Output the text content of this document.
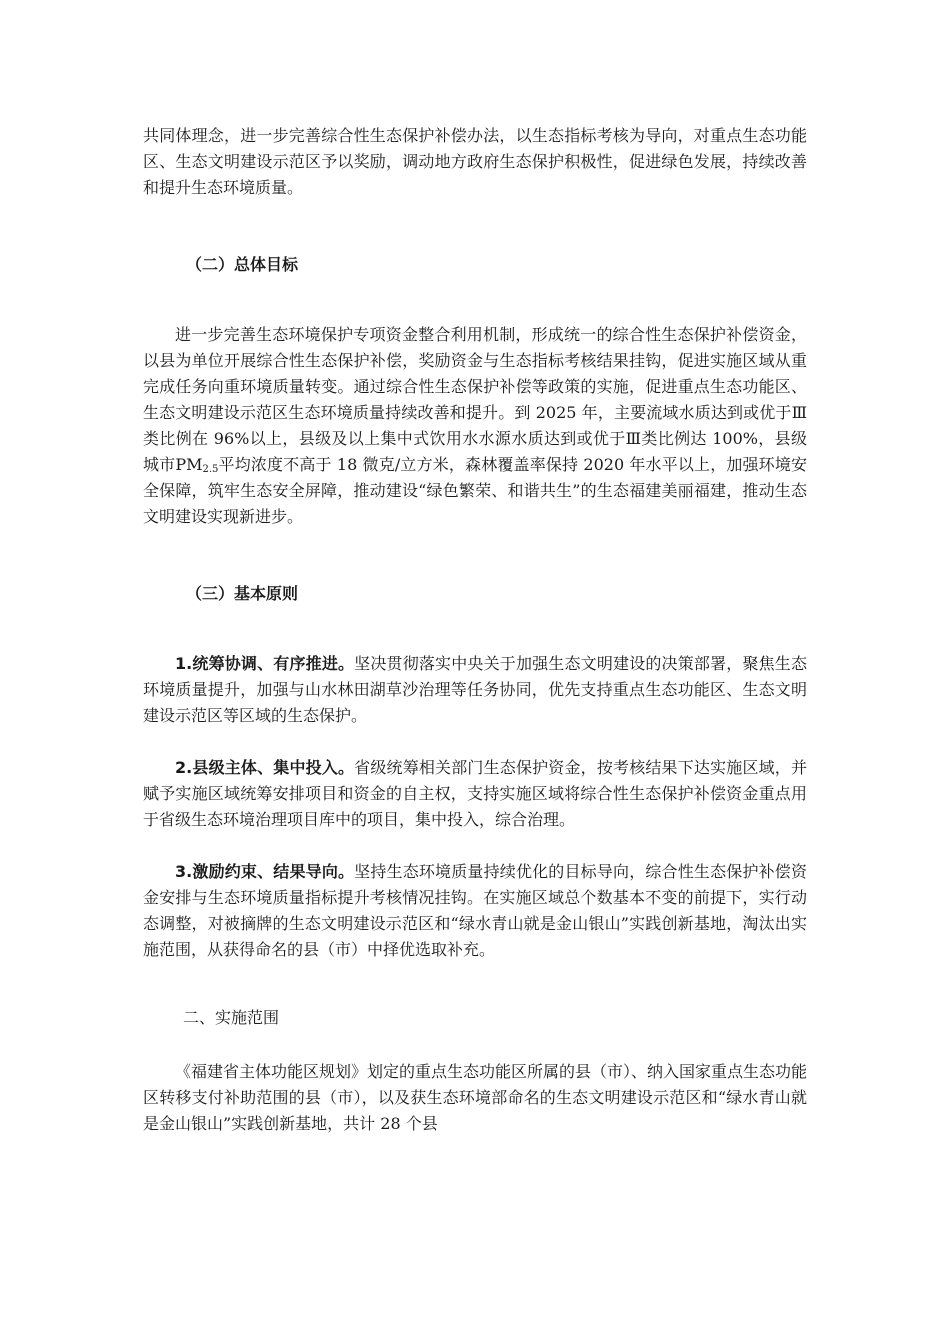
共同体理念，进一步完善综合性生态保护补偿办法，以生态指标考核为导向，对重点生态功能区、生态文明建设示范区予以奖励，调动地方政府生态保护积极性，促进绿色发展，持续改善和提升生态环境质量。

（二）总体目标

进一步完善生态环境保护专项资金整合利用机制，形成统一的综合性生态保护补偿资金，以县为单位开展综合性生态保护补偿，奖励资金与生态指标考核结果挂钩，促进实施区域从重完成任务向重环境质量转变。通过综合性生态保护补偿等政策的实施，促进重点生态功能区、生态文明建设示范区生态环境质量持续改善和提升。到 2025 年，主要流域水质达到或优于Ⅲ类比例在 96%以上，县级及以上集中式饮用水水源水质达到或优于Ⅲ类比例达 100%，县级城市$PM_{2.5}$平均浓度不高于 18 微克/立方米，森林覆盖率保持 2020 年水平以上，加强环境安全保障，筑牢生态安全屏障，推动建设“绿色繁荣、和谐共生”的生态福建美丽福建，推动生态文明建设实现新进步。

（三）基本原则

1.统筹协调、有序推进。坚决贯彻落实中央关于加强生态文明建设的决策部署，聚焦生态环境质量提升，加强与山水林田湖草沙治理等任务协同，优先支持重点生态功能区、生态文明建设示范区等区域的生态保护。

2.县级主体、集中投入。省级统筹相关部门生态保护资金，按考核结果下达实施区域，并赋予实施区域统筹安排项目和资金的自主权，支持实施区域将综合性生态保护补偿资金重点用于省级生态环境治理项目库中的项目，集中投入，综合治理。

3.激励约束、结果导向。坚持生态环境质量持续优化的目标导向，综合性生态保护补偿资金安排与生态环境质量指标提升考核情况挂钩。在实施区域总个数基本不变的前提下，实行动态调整，对被摘牌的生态文明建设示范区和“绿水青山就是金山银山”实践创新基地，淘汰出实施范围，从获得命名的县（市）中择优选取补充。

二、实施范围

《福建省主体功能区规划》划定的重点生态功能区所属的县（市）、纳入国家重点生态功能区转移支付补助范围的县（市），以及获生态环境部命名的生态文明建设示范区和“绿水青山就是金山银山”实践创新基地，共计 28 个县
